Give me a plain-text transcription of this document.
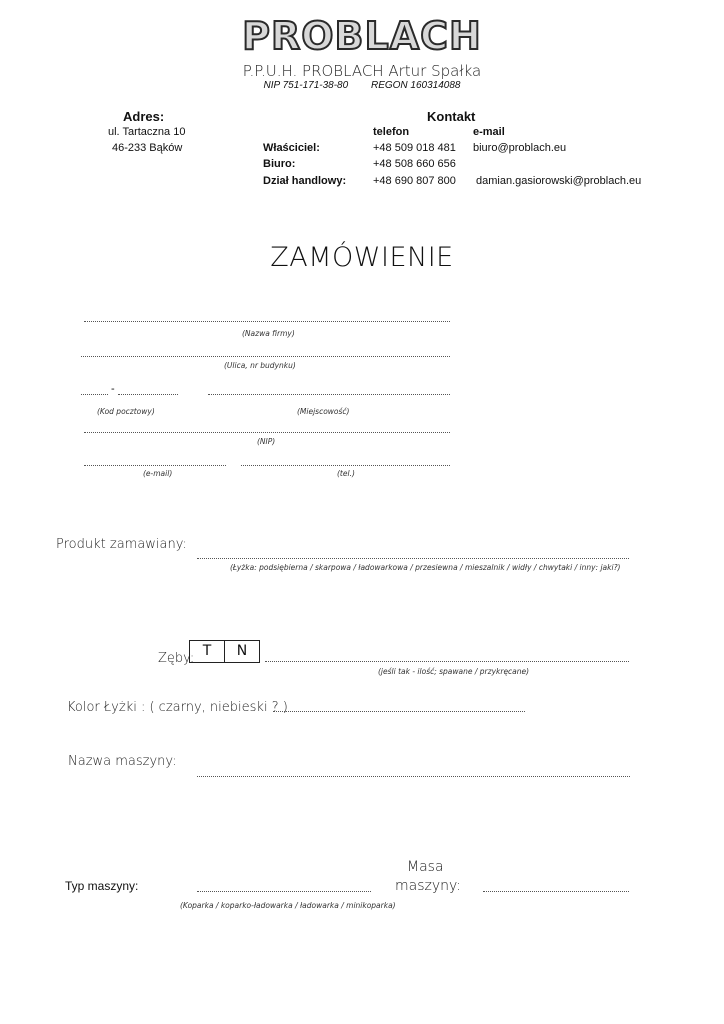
PROBLACH
P.P.U.H. PROBLACH Artur Spałka
NIP 751-171-38-80 REGON 160314088
Adres:
ul. Tartaczna 10
46-233 Bąków
Kontakt
telefon	e-mail
Właściciel:	+48 509 018 481 biuro@problach.eu
Biuro:	+48 508 660 656
Dział handlowy: +48 690 807 800 damian.gasiorowski@problach.eu
ZAMÓWIENIE
(Nazwa firmy)
(Ulica, nr budynku)
-
(Kod pocztowy)	(Miejscowość)
(NIP)
(e-mail)	(tel.)
Produkt zamawiany:
(Łyżka: podsiębierna / skarpowa / ładowarkowa / przesiewna / mieszalnik / widły / chwytaki / inny: jaki?)
Zęby: T	N
(jeśli tak - ilość; spawane / przykręcane)
Kolor Łyżki : ( czarny, niebieski ? )
Nazwa maszyny:
Typ maszyny:
(Koparka / koparko-ładowarka / ładowarka / minikoparka)
Masa
maszyny:
